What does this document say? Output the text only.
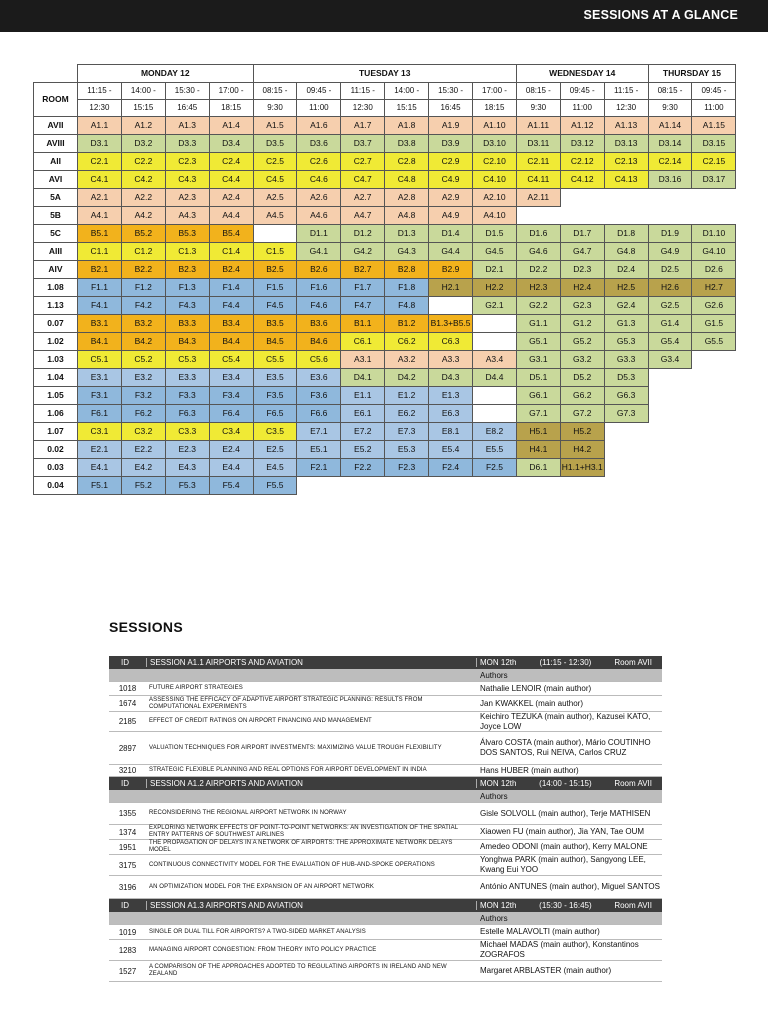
SESSIONS AT A GLANCE
	MONDAY 12				TUESDAY 13						WEDNESDAY 14			THURSDAY 15	
ROOM	11:15 -	14:00 -	15:30 -	17:00 -	08:15 -	09:45 -	11:15 -	14:00 -	15:30 -	17:00 -	08:15 -	09:45 -	11:15 -	08:15 -	09:45 -
	12:30	15:15	16:45	18:15	9:30	11:00	12:30	15:15	16:45	18:15	9:30	11:00	12:30	9:30	11:00
AVII	A1.1	A1.2	A1.3	A1.4	A1.5	A1.6	A1.7	A1.8	A1.9	A1.10	A1.11	A1.12	A1.13	A1.14	A1.15
AVIII	D3.1	D3.2	D3.3	D3.4	D3.5	D3.6	D3.7	D3.8	D3.9	D3.10	D3.11	D3.12	D3.13	D3.14	D3.15
AII	C2.1	C2.2	C2.3	C2.4	C2.5	C2.6	C2.7	C2.8	C2.9	C2.10	C2.11	C2.12	C2.13	C2.14	C2.15
AVI	C4.1	C4.2	C4.3	C4.4	C4.5	C4.6	C4.7	C4.8	C4.9	C4.10	C4.11	C4.12	C4.13	D3.16	D3.17
5A	A2.1	A2.2	A2.3	A2.4	A2.5	A2.6	A2.7	A2.8	A2.9	A2.10	A2.11				
5B	A4.1	A4.2	A4.3	A4.4	A4.5	A4.6	A4.7	A4.8	A4.9	A4.10					
5C	B5.1	B5.2	B5.3	B5.4		D1.1	D1.2	D1.3	D1.4	D1.5	D1.6	D1.7	D1.8	D1.9	D1.10
AIII	C1.1	C1.2	C1.3	C1.4	C1.5	G4.1	G4.2	G4.3	G4.4	G4.5	G4.6	G4.7	G4.8	G4.9	G4.10
AIV	B2.1	B2.2	B2.3	B2.4	B2.5	B2.6	B2.7	B2.8	B2.9	D2.1	D2.2	D2.3	D2.4	D2.5	D2.6
1.08	F1.1	F1.2	F1.3	F1.4	F1.5	F1.6	F1.7	F1.8	H2.1	H2.2	H2.3	H2.4	H2.5	H2.6	H2.7
1.13	F4.1	F4.2	F4.3	F4.4	F4.5	F4.6	F4.7	F4.8		G2.1	G2.2	G2.3	G2.4	G2.5	G2.6
0.07	B3.1	B3.2	B3.3	B3.4	B3.5	B3.6	B1.1	B1.2	B1.3+B5.5		G1.1	G1.2	G1.3	G1.4	G1.5
1.02	B4.1	B4.2	B4.3	B4.4	B4.5	B4.6	C6.1	C6.2	C6.3		G5.1	G5.2	G5.3	G5.4	G5.5
1.03	C5.1	C5.2	C5.3	C5.4	C5.5	C5.6	A3.1	A3.2	A3.3	A3.4	G3.1	G3.2	G3.3	G3.4	
1.04	E3.1	E3.2	E3.3	E3.4	E3.5	E3.6	D4.1	D4.2	D4.3	D4.4	D5.1	D5.2	D5.3		
1.05	F3.1	F3.2	F3.3	F3.4	F3.5	F3.6	E1.1	E1.2	E1.3		G6.1	G6.2	G6.3		
1.06	F6.1	F6.2	F6.3	F6.4	F6.5	F6.6	E6.1	E6.2	E6.3		G7.1	G7.2	G7.3		
1.07	C3.1	C3.2	C3.3	C3.4	C3.5	E7.1	E7.2	E7.3	E8.1	E8.2	H5.1	H5.2			
0.02	E2.1	E2.2	E2.3	E2.4	E2.5	E5.1	E5.2	E5.3	E5.4	E5.5	H4.1	H4.2			
0.03	E4.1	E4.2	E4.3	E4.4	E4.5	F2.1	F2.2	F2.3	F2.4	F2.5	D6.1	H1.1+H3.1			
0.04	F5.1	F5.2	F5.3	F5.4	F5.5										
SESSIONS
ID	SESSION A1.1 AIRPORTS AND AVIATION	MON 12th	(11:15 - 12:30)	Room AVII
Authors
1018	FUTURE AIRPORT STRATEGIES	Nathalie LENOIR (main author)
1674	ASSESSING THE EFFICACY OF ADAPTIVE AIRPORT STRATEGIC PLANNING: RESULTS FROM COMPUTATIONAL EXPERIMENTS	Jan KWAKKEL (main author)
2185	EFFECT OF CREDIT RATINGS ON AIRPORT FINANCING AND MANAGEMENT
Keichiro TEZUKA (main author), Kazusei KATO, Joyce LOW
2897	VALUATION TECHNIQUES FOR AIRPORT INVESTMENTS: MAXIMIZING VALUE TROUGH FLEXIBILITY
Álvaro COSTA (main author), Mário COUTINHO DOS SANTOS, Rui NEIVA, Carlos CRUZ
3210	STRATEGIC FLEXIBLE PLANNING AND REAL OPTIONS FOR AIRPORT DEVELOPMENT IN INDIA	Hans HUBER (main author)
ID	SESSION A1.2 AIRPORTS AND AVIATION	MON 12th	(14:00 - 15:15)	Room AVII
Authors
1355	RECONSIDERING THE REGIONAL AIRPORT NETWORK IN NORWAY	Gisle SOLVOLL (main author), Terje MATHISEN
1374	EXPLORING NETWORK EFFECTS OF POINT-TO-POINT NETWORKS: AN INVESTIGATION OF THE SPATIAL ENTRY PATTERNS OF SOUTHWEST AIRLINES	Xiaowen FU (main author), Jia YAN, Tae OUM
1951	THE PROPAGATION OF DELAYS IN A NETWORK OF AIRPORTS: THE APPROXIMATE NETWORK DELAYS MODEL	Amedeo ODONI (main author), Kerry MALONE
3175	CONTINUOUS CONNECTIVITY MODEL FOR THE EVALUATION OF HUB-AND-SPOKE OPERATIONS
Yonghwa PARK (main author), Sangyong LEE, Kwang Eui YOO
3196	AN OPTIMIZATION MODEL FOR THE EXPANSION OF AN AIRPORT NETWORK	António ANTUNES (main author), Miguel SANTOS
ID	SESSION A1.3 AIRPORTS AND AVIATION	MON 12th	(15:30 - 16:45)	Room AVII
Authors
1019	SINGLE OR DUAL TILL FOR AIRPORTS? A TWO-SIDED MARKET ANALYSIS	Estelle MALAVOLTI (main author)
1283	MANAGING AIRPORT CONGESTION: FROM THEORY INTO POLICY PRACTICE
Michael MADAS (main author), Konstantinos ZOGRAFOS
1527	A COMPARISON OF THE APPROACHES ADOPTED TO REGULATING AIRPORTS IN IRELAND AND NEW ZEALAND	Margaret ARBLASTER (main author)
